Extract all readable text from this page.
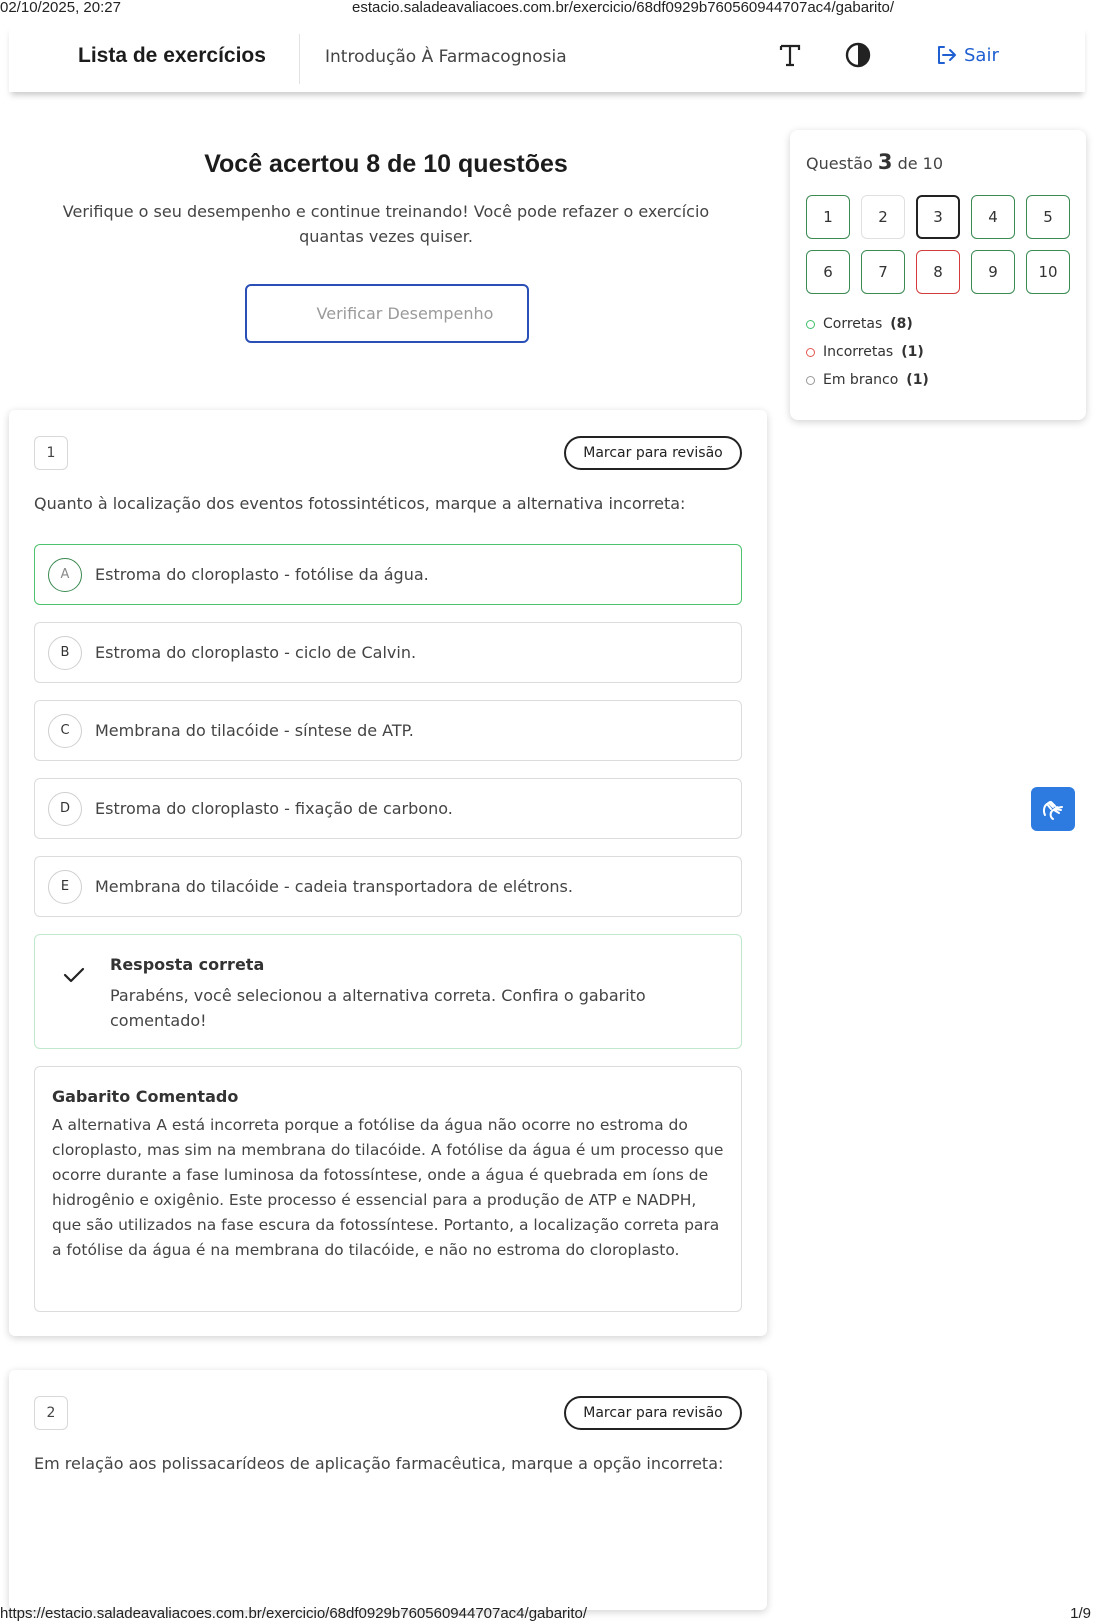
02/10/2025, 20:27	estacio.saladeavaliacoes.com.br/exercicio/68df0929b760560944707ac4/gabarito/
Lista de exercícios	Introdução À Farmacognosia	Sair
Você acertou 8 de 10 questões

Verifique o seu desempenho e continue treinando! Você pode refazer o exercício quantas vezes quiser.

Verificar Desempenho
Questão 3 de 10
1	2	3	4	5
6	7	8	9	10
Corretas (8)
Incorretas (1)
Em branco (1)
1	Marcar para revisão
Quanto à localização dos eventos fotossintéticos, marque a alternativa incorreta:
A	Estroma do cloroplasto - fotólise da água.
B	Estroma do cloroplasto - ciclo de Calvin.
C	Membrana do tilacóide - síntese de ATP.
D	Estroma do cloroplasto - fixação de carbono.
E	Membrana do tilacóide - cadeia transportadora de elétrons.
Resposta correta
Parabéns, você selecionou a alternativa correta. Confira o gabarito comentado!
Gabarito Comentado
A alternativa A está incorreta porque a fotólise da água não ocorre no estroma do cloroplasto, mas sim na membrana do tilacóide. A fotólise da água é um processo que ocorre durante a fase luminosa da fotossíntese, onde a água é quebrada em íons de hidrogênio e oxigênio. Este processo é essencial para a produção de ATP e NADPH, que são utilizados na fase escura da fotossíntese. Portanto, a localização correta para a fotólise da água é na membrana do tilacóide, e não no estroma do cloroplasto.
2	Marcar para revisão
Em relação aos polissacarídeos de aplicação farmacêutica, marque a opção incorreta:
https://estacio.saladeavaliacoes.com.br/exercicio/68df0929b760560944707ac4/gabarito/	1/9
